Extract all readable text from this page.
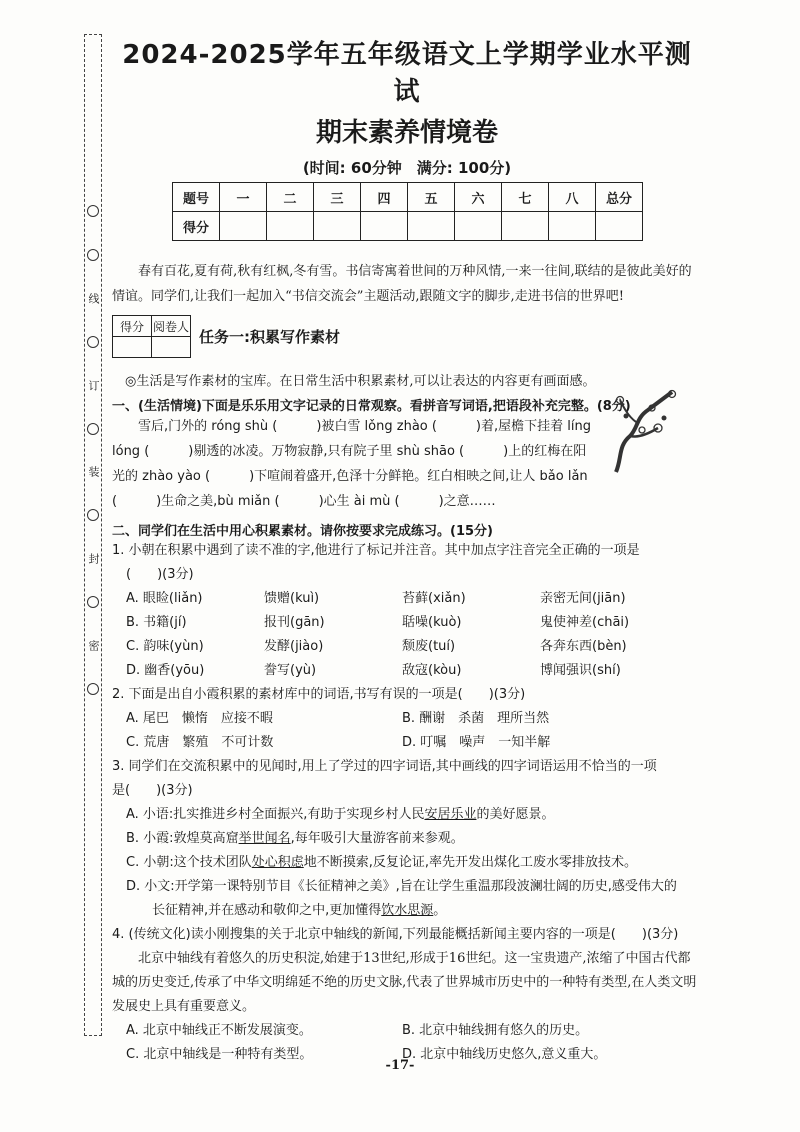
线
订
装
封
密
2024-2025学年五年级语文上学期学业水平测试
期末素养情境卷
(时间: 60分钟　满分: 100分)
题号	一	二	三	四	五	六	七	八	总分
得分									
春有百花,夏有荷,秋有红枫,冬有雪。书信寄寓着世间的万种风情,一来一往间,联结的是彼此美好的情谊。同学们,让我们一起加入“书信交流会”主题活动,跟随文字的脚步,走进书信的世界吧!
得分	阅卷人

任务一:积累写作素材
◎生活是写作素材的宝库。在日常生活中积累素材,可以让表达的内容更有画面感。
一、(生活情境)下面是乐乐用文字记录的日常观察。看拼音写词语,把语段补充完整。(8分)
雪后,门外的 róng shù (　　　)被白雪 lǒng zhào (　　　)着,屋檐下挂着 líng
lóng (　　　)剔透的冰凌。万物寂静,只有院子里 shù shāo (　　　)上的红梅在阳
光的 zhào yào (　　　)下喧闹着盛开,色泽十分鲜艳。红白相映之间,让人 bǎo lǎn
(　　　)生命之美,bù miǎn (　　　)心生 ài mù (　　　)之意……
二、同学们在生活中用心积累素材。请你按要求完成练习。(15分)
1. 小朝在积累中遇到了读不准的字,他进行了标记并注音。其中加点字注音完全正确的一项是
(　　)(3分)
A. 眼睑(liǎn)	馈赠(kuì)	苔藓(xiǎn)	亲密无间(jiān)
B. 书籍(jí)	报刊(gān)	聒噪(kuò)	鬼使神差(chāi)
C. 韵味(yùn)	发酵(jiào)	颓废(tuí)	各奔东西(bèn)
D. 幽香(yōu)	誊写(yù)	敌寇(kòu)	博闻强识(shí)
2. 下面是出自小霞积累的素材库中的词语,书写有误的一项是(　　)(3分)
A. 尾巴　懒惰　应接不暇	B. 酬谢　杀菌　理所当然
C. 荒唐　繁殖　不可计数	D. 叮嘱　噪声　一知半解
3. 同学们在交流积累中的见闻时,用上了学过的四字词语,其中画线的四字词语运用不恰当的一项
是(　　)(3分)
A. 小语:扎实推进乡村全面振兴,有助于实现乡村人民安居乐业的美好愿景。
B. 小霞:敦煌莫高窟举世闻名,每年吸引大量游客前来参观。
C. 小朝:这个技术团队处心积虑地不断摸索,反复论证,率先开发出煤化工废水零排放技术。
D. 小文:开学第一课特别节目《长征精神之美》,旨在让学生重温那段波澜壮阔的历史,感受伟大的
长征精神,并在感动和敬仰之中,更加懂得饮水思源。
4. (传统文化)读小刚搜集的关于北京中轴线的新闻,下列最能概括新闻主要内容的一项是(　　)(3分)
北京中轴线有着悠久的历史积淀,始建于13世纪,形成于16世纪。这一宝贵遗产,浓缩了中国古代都城的历史变迁,传承了中华文明绵延不绝的历史文脉,代表了世界城市历史中的一种特有类型,在人类文明发展史上具有重要意义。
A. 北京中轴线正不断发展演变。	B. 北京中轴线拥有悠久的历史。
C. 北京中轴线是一种特有类型。	D. 北京中轴线历史悠久,意义重大。
-17-
